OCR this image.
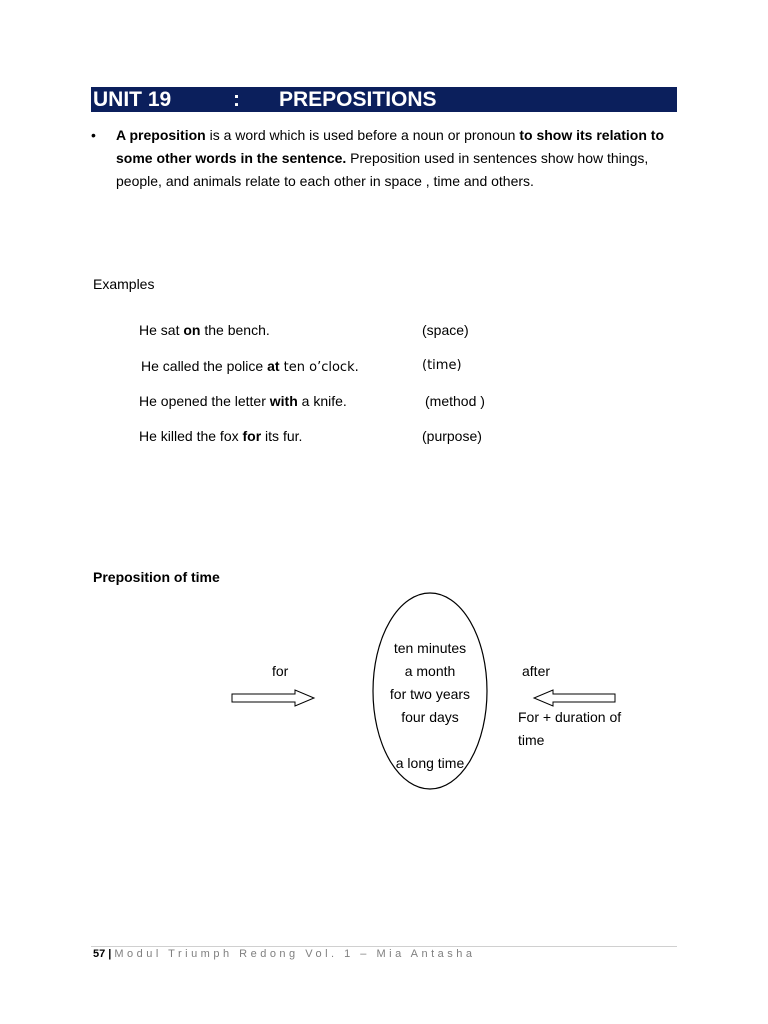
UNIT 19	: PREPOSITIONS
• A preposition is a word which is used before a noun or pronoun to show its relation to some other words in the sentence. Preposition used in sentences show how things, people, and animals relate to each other in space , time and others.

Examples
He sat on the bench.	(space)
He called the police at ten o’clock.	(time)
He opened the letter with a knife.	(method )
He killed the fox for its fur.	(purpose)
Preposition of time
for	after
For + duration of
time
ten minutes
a month
for two years
four days
a long time
57 | Modul Triumph Redong Vol. 1 – Mia Antasha
